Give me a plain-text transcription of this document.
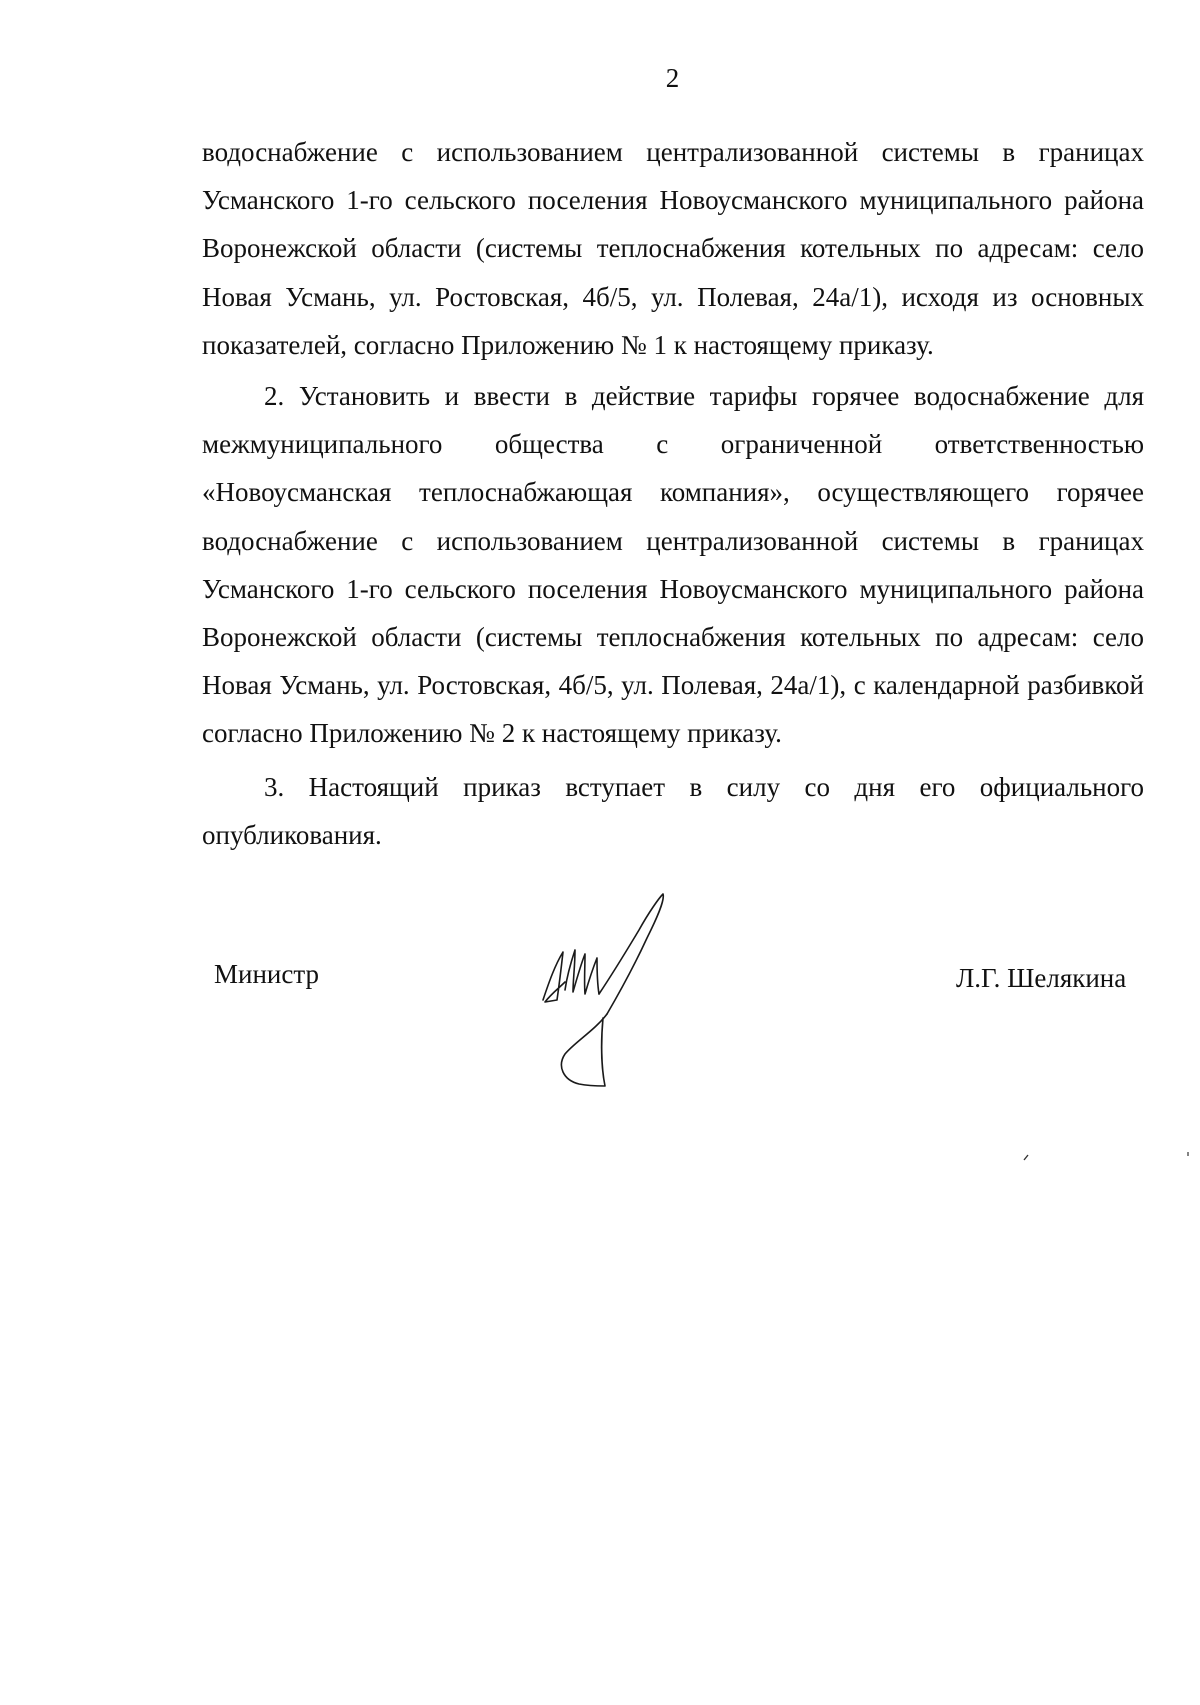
2

водоснабжение с использованием централизованной системы в границах Усманского 1-го сельского поселения Новоусманского муниципального района Воронежской области (системы теплоснабжения котельных по адресам: село Новая Усмань, ул. Ростовская, 4б/5, ул. Полевая, 24а/1), исходя из основных показателей, согласно Приложению № 1 к настоящему приказу.

2. Установить и ввести в действие тарифы горячее водоснабжение для межмуниципального общества с ограниченной ответственностью «Новоусманская теплоснабжающая компания», осуществляющего горячее водоснабжение с использованием централизованной системы в границах Усманского 1-го сельского поселения Новоусманского муниципального района Воронежской области (системы теплоснабжения котельных по адресам: село Новая Усмань, ул. Ростовская, 4б/5, ул. Полевая, 24а/1), с календарной разбивкой согласно Приложению № 2 к настоящему приказу.

3. Настоящий приказ вступает в силу со дня его официального опубликования.

Министр	Л.Г. Шелякина
